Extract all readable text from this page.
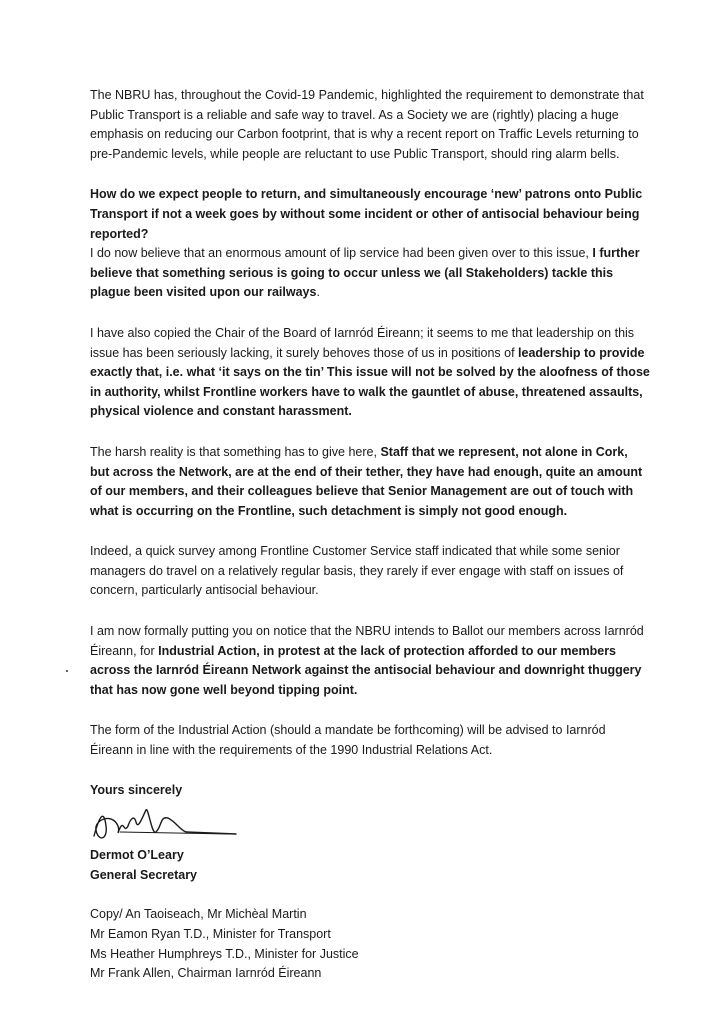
The NBRU has, throughout the Covid-19 Pandemic, highlighted the requirement to demonstrate that Public Transport is a reliable and safe way to travel. As a Society we are (rightly) placing a huge emphasis on reducing our Carbon footprint, that is why a recent report on Traffic Levels returning to pre-Pandemic levels, while people are reluctant to use Public Transport, should ring alarm bells.

How do we expect people to return, and simultaneously encourage ‘new’ patrons onto Public Transport if not a week goes by without some incident or other of antisocial behaviour being reported?

I do now believe that an enormous amount of lip service had been given over to this issue, I further believe that something serious is going to occur unless we (all Stakeholders) tackle this plague been visited upon our railways.

I have also copied the Chair of the Board of Iarnród Éireann; it seems to me that leadership on this issue has been seriously lacking, it surely behoves those of us in positions of leadership to provide exactly that, i.e. what ‘it says on the tin’ This issue will not be solved by the aloofness of those in authority, whilst Frontline workers have to walk the gauntlet of abuse, threatened assaults, physical violence and constant harassment.

The harsh reality is that something has to give here, Staff that we represent, not alone in Cork, but across the Network, are at the end of their tether, they have had enough, quite an amount of our members, and their colleagues believe that Senior Management are out of touch with what is occurring on the Frontline, such detachment is simply not good enough.

Indeed, a quick survey among Frontline Customer Service staff indicated that while some senior managers do travel on a relatively regular basis, they rarely if ever engage with staff on issues of concern, particularly antisocial behaviour.

I am now formally putting you on notice that the NBRU intends to Ballot our members across Iarnród Éireann, for Industrial Action, in protest at the lack of protection afforded to our members across the Iarnród Éireann Network against the antisocial behaviour and downright thuggery that has now gone well beyond tipping point.

The form of the Industrial Action (should a mandate be forthcoming) will be advised to Iarnród Éireann in line with the requirements of the 1990 Industrial Relations Act.

Yours sincerely
Dermot O’Leary
General Secretary
Copy/ An Taoiseach, Mr Michèal Martin
Mr Eamon Ryan T.D., Minister for Transport
Ms Heather Humphreys T.D., Minister for Justice
Mr Frank Allen, Chairman Iarnród Éireann
